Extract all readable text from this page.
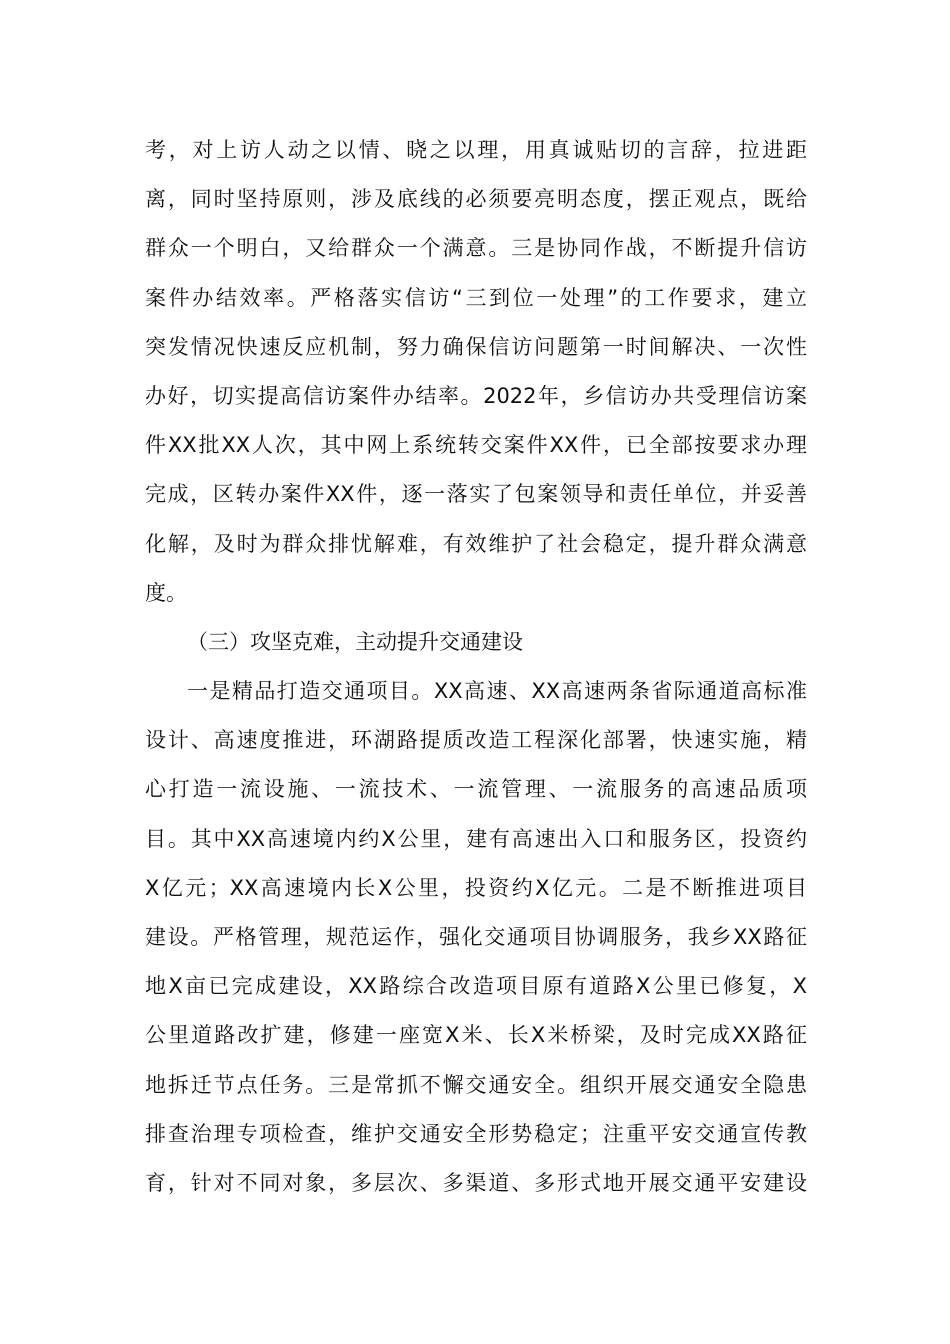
考，对上访人动之以情、晓之以理，用真诚贴切的言辞，拉进距
离，同时坚持原则，涉及底线的必须要亮明态度，摆正观点，既给
群众一个明白，又给群众一个满意。三是协同作战，不断提升信访
案件办结效率。严格落实信访“三到位一处理”的工作要求，建立
突发情况快速反应机制，努力确保信访问题第一时间解决、一次性
办好，切实提高信访案件办结率。2022年，乡信访办共受理信访案
件XX批XX人次，其中网上系统转交案件XX件，已全部按要求办理
完成，区转办案件XX件，逐一落实了包案领导和责任单位，并妥善
化解，及时为群众排忧解难，有效维护了社会稳定，提升群众满意
度。
（三）攻坚克难，主动提升交通建设
一是精品打造交通项目。XX高速、XX高速两条省际通道高标准
设计、高速度推进，环湖路提质改造工程深化部署，快速实施，精
心打造一流设施、一流技术、一流管理、一流服务的高速品质项
目。其中XX高速境内约X公里，建有高速出入口和服务区，投资约
X亿元；XX高速境内长X公里，投资约X亿元。二是不断推进项目
建设。严格管理，规范运作，强化交通项目协调服务，我乡XX路征
地X亩已完成建设，XX路综合改造项目原有道路X公里已修复，X
公里道路改扩建，修建一座宽X米、长X米桥梁，及时完成XX路征
地拆迁节点任务。三是常抓不懈交通安全。组织开展交通安全隐患
排查治理专项检查，维护交通安全形势稳定；注重平安交通宣传教
育，针对不同对象，多层次、多渠道、多形式地开展交通平安建设
